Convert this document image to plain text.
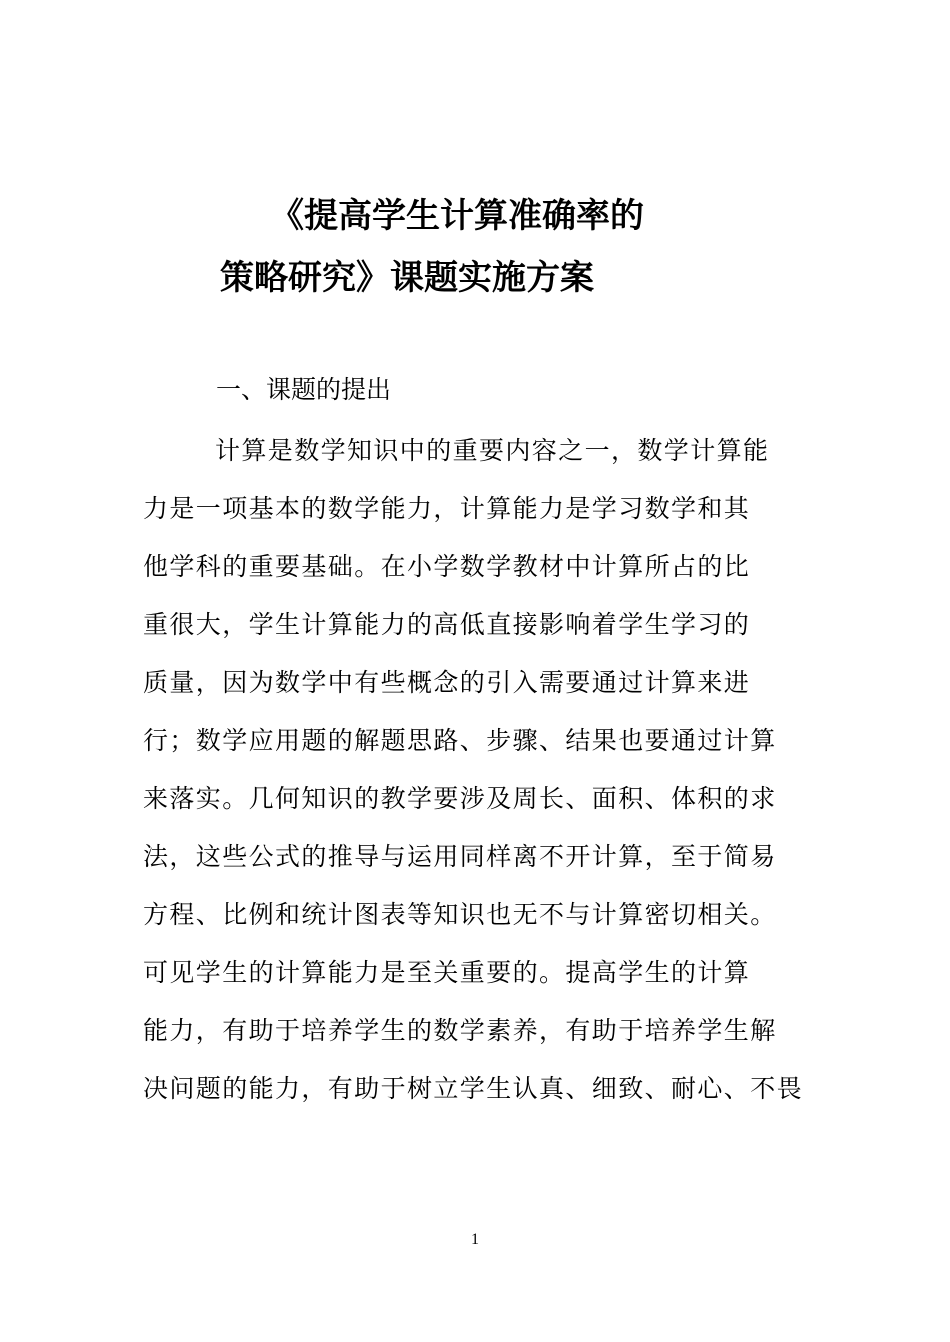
《提高学生计算准确率的
策略研究》课题实施方案
一、课题的提出
计算是数学知识中的重要内容之一，数学计算能
力是一项基本的数学能力，计算能力是学习数学和其
他学科的重要基础。在小学数学教材中计算所占的比
重很大，学生计算能力的高低直接影响着学生学习的
质量，因为数学中有些概念的引入需要通过计算来进
行；数学应用题的解题思路、步骤、结果也要通过计算
来落实。几何知识的教学要涉及周长、面积、体积的求
法，这些公式的推导与运用同样离不开计算，至于简易
方程、比例和统计图表等知识也无不与计算密切相关。
可见学生的计算能力是至关重要的。提高学生的计算
能力，有助于培养学生的数学素养，有助于培养学生解
决问题的能力，有助于树立学生认真、细致、耐心、不畏
1
